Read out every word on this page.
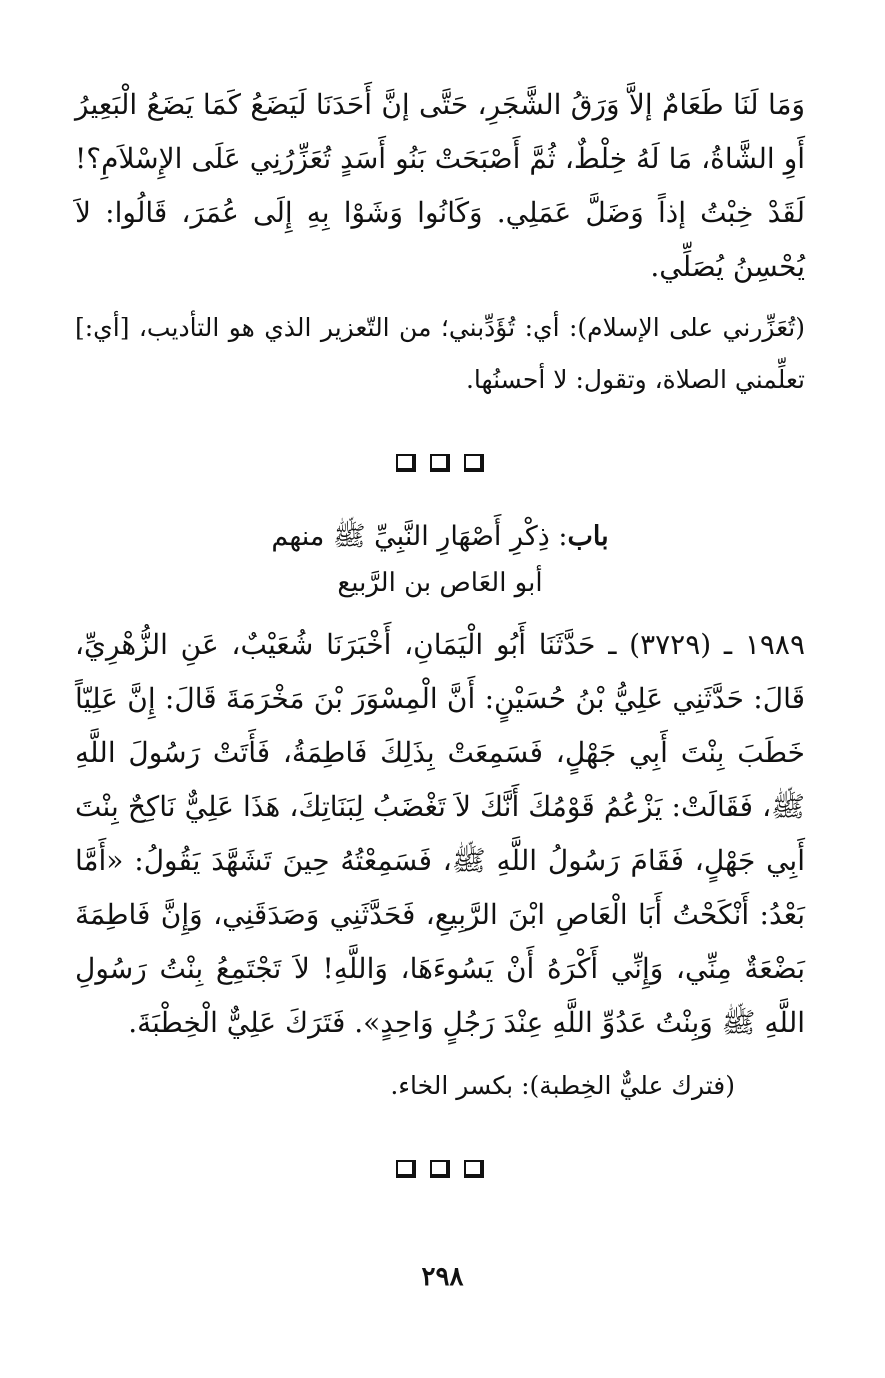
وَمَا لَنَا طَعَامٌ إلاَّ وَرَقُ الشَّجَرِ، حَتَّى إنَّ أَحَدَنَا لَيَضَعُ كَمَا يَضَعُ الْبَعِيرُ أَوِ الشَّاةُ، مَا لَهُ خِلْطٌ، ثُمَّ أَصْبَحَتْ بَنُو أَسَدٍ تُعَزِّرُنِي عَلَى الإِسْلاَمِ؟! لَقَدْ خِبْتُ إذاً وَضَلَّ عَمَلِي. وَكَانُوا وَشَوْا بِهِ إِلَى عُمَرَ، قَالُوا: لاَ يُحْسِنُ يُصَلِّي.

(تُعَزِّرني على الإسلام): أي: تُؤَدِّبني؛ من التّعزير الذي هو التأديب، [أي:] تعلِّمني الصلاة، وتقول: لا أحسنُها.

باب: ذِكْرِ أَصْهَارِ النَّبِيِّ ﷺ منهم
أبو العَاص بن الرَّبيع

١٩٨٩ ـ (٣٧٢٩) ـ حَدَّثَنَا أَبُو الْيَمَانِ، أَخْبَرَنَا شُعَيْبٌ، عَنِ الزُّهْرِيِّ، قَالَ: حَدَّثَنِي عَلِيُّ بْنُ حُسَيْنٍ: أَنَّ الْمِسْوَرَ بْنَ مَخْرَمَةَ قَالَ: إِنَّ عَلِيّاً خَطَبَ بِنْتَ أَبِي جَهْلٍ، فَسَمِعَتْ بِذَلِكَ فَاطِمَةُ، فَأَتَتْ رَسُولَ اللَّهِ ﷺ، فَقَالَتْ: يَزْعُمُ قَوْمُكَ أَنَّكَ لاَ تَغْضَبُ لِبَنَاتِكَ، هَذَا عَلِيٌّ نَاكِحٌ بِنْتَ أَبِي جَهْلٍ، فَقَامَ رَسُولُ اللَّهِ ﷺ، فَسَمِعْتُهُ حِينَ تَشَهَّدَ يَقُولُ: «أَمَّا بَعْدُ: أَنْكَحْتُ أَبَا الْعَاصِ ابْنَ الرَّبِيعِ، فَحَدَّثَنِي وَصَدَقَنِي، وَإِنَّ فَاطِمَةَ بَضْعَةٌ مِنِّي، وَإِنِّي أَكْرَهُ أَنْ يَسُوءَهَا، وَاللَّهِ! لاَ تَجْتَمِعُ بِنْتُ رَسُولِ اللَّهِ ﷺ وَبِنْتُ عَدُوِّ اللَّهِ عِنْدَ رَجُلٍ وَاحِدٍ». فَتَرَكَ عَلِيٌّ الْخِطْبَةَ.

(فترك عليٌّ الخِطبة): بكسر الخاء.

٢٩٨
